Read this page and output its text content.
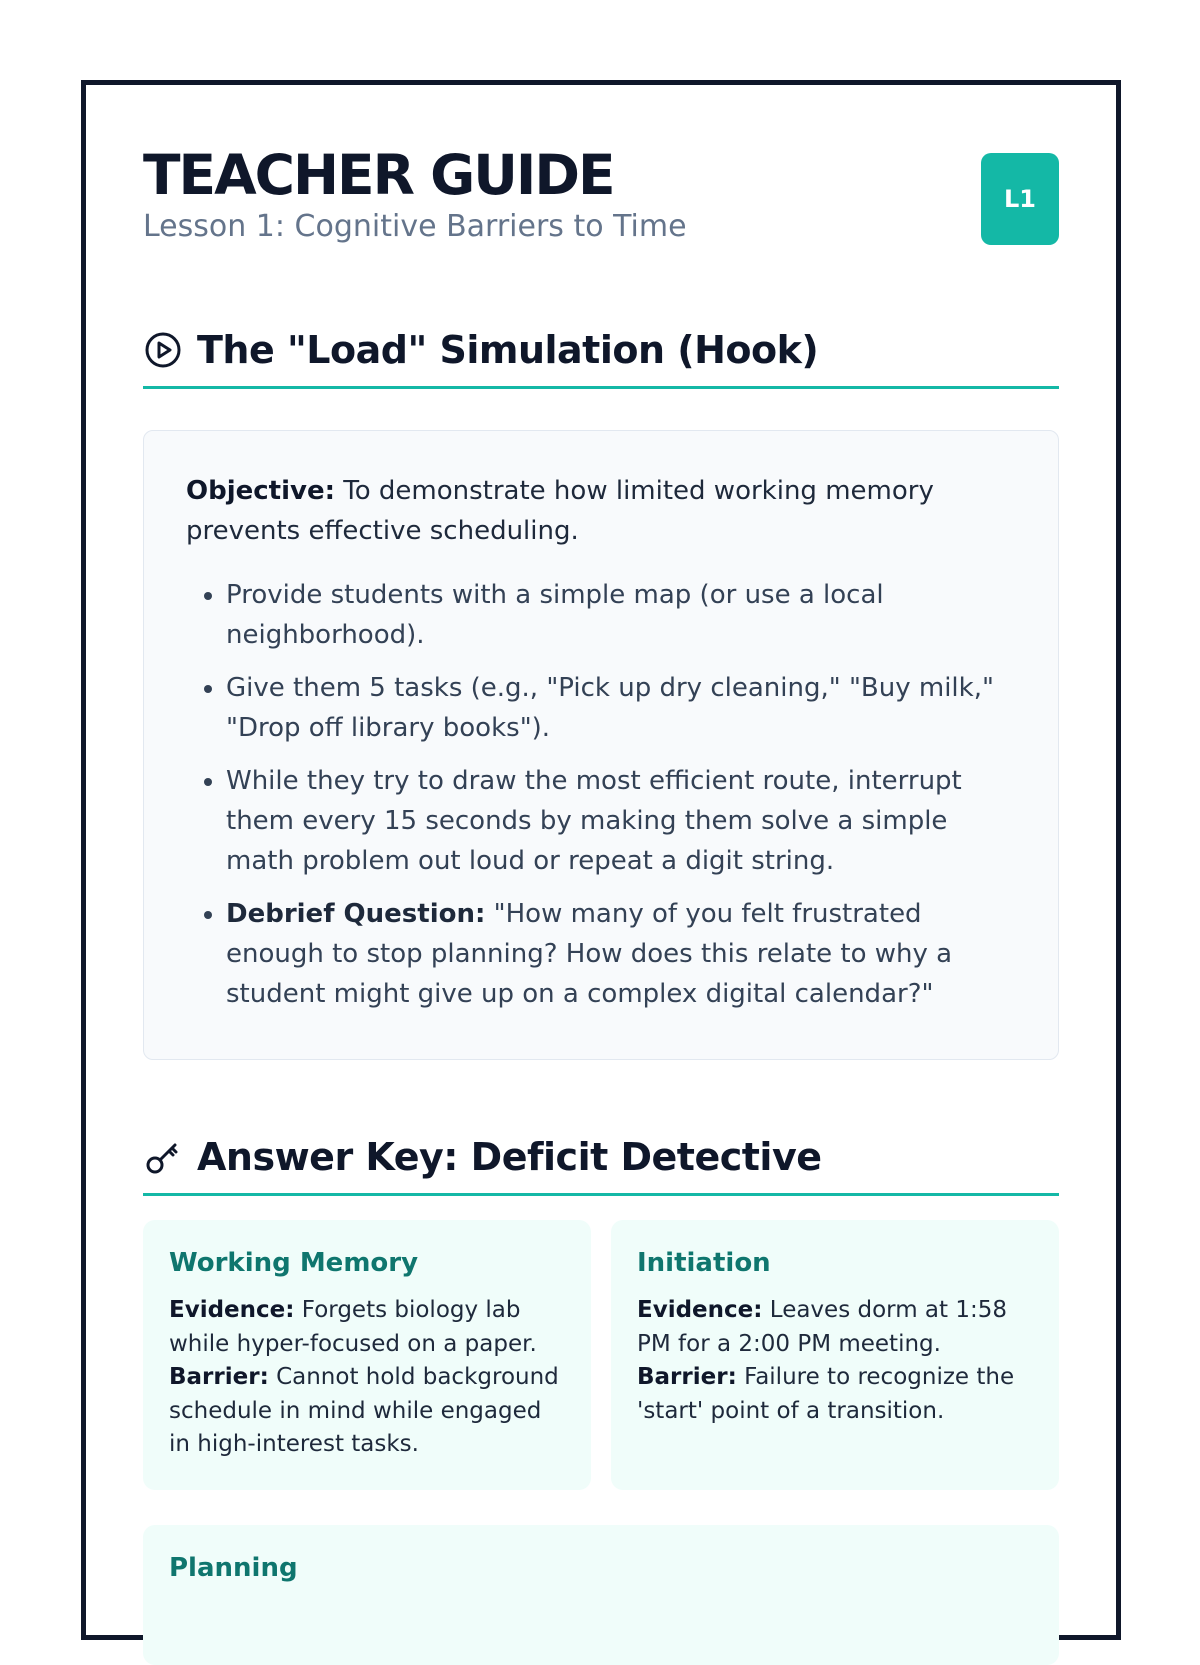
TEACHER GUIDE
Lesson 1: Cognitive Barriers to Time
L1
The "Load" Simulation (Hook)

Objective: To demonstrate how limited working memory prevents effective scheduling.

• Provide students with a simple map (or use a local neighborhood).
• Give them 5 tasks (e.g., "Pick up dry cleaning," "Buy milk," "Drop off library books").
• While they try to draw the most efficient route, interrupt them every 15 seconds by making them solve a simple math problem out loud or repeat a digit string.
• Debrief Question: "How many of you felt frustrated enough to stop planning? How does this relate to why a student might give up on a complex digital calendar?"
Answer Key: Deficit Detective
Working Memory

Evidence: Forgets biology lab while hyper-focused on a paper.
Barrier: Cannot hold background schedule in mind while engaged in high-interest tasks.

Initiation

Evidence: Leaves dorm at 1:58 PM for a 2:00 PM meeting.
Barrier: Failure to recognize the 'start' point of a transition.

Planning
